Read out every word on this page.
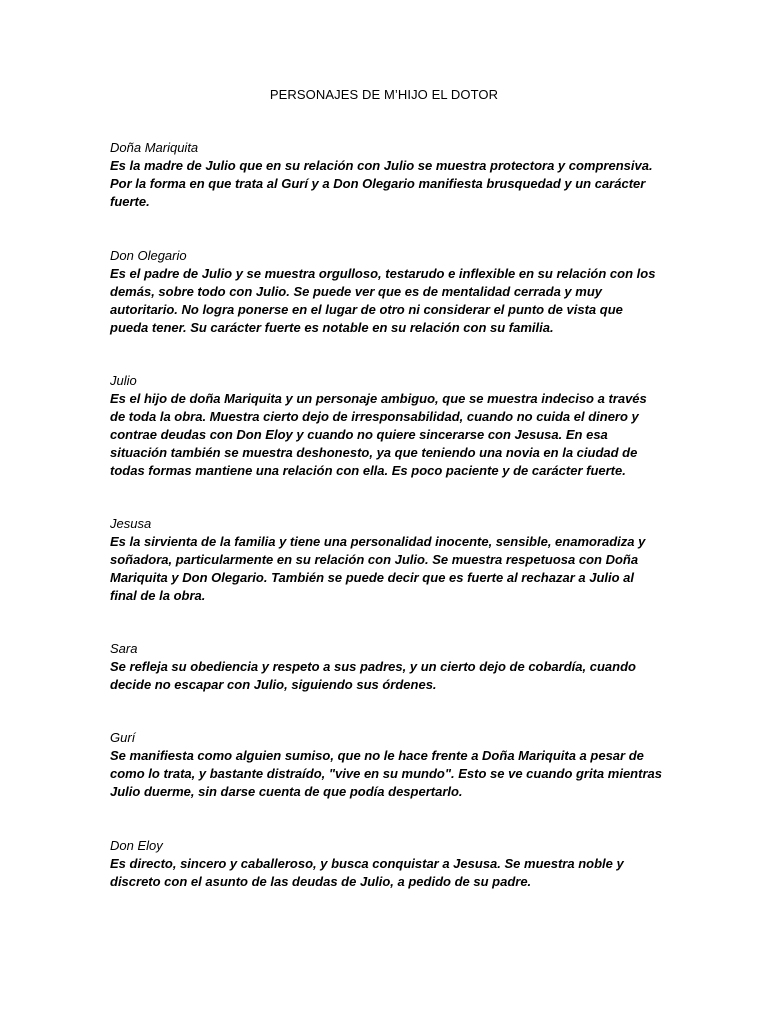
PERSONAJES DE M’HIJO EL DOTOR
Doña Mariquita
Es la madre de Julio que en su relación con Julio se muestra protectora y comprensiva. Por la forma en que trata al Gurí y a Don Olegario manifiesta brusquedad y un carácter fuerte.
Don Olegario
Es el padre de Julio y se muestra orgulloso, testarudo e inflexible en su relación con los demás, sobre todo con Julio. Se puede ver que es de mentalidad cerrada y muy autoritario. No logra ponerse en el lugar de otro ni considerar el punto de vista que pueda tener. Su carácter fuerte es notable en su relación con su familia.
Julio
Es el hijo de doña Mariquita y un personaje ambiguo, que se muestra indeciso a través de toda la obra. Muestra cierto dejo de irresponsabilidad, cuando no cuida el dinero y contrae deudas con Don Eloy y cuando no quiere sincerarse con Jesusa. En esa situación también se muestra deshonesto, ya que teniendo una novia en la ciudad de todas formas mantiene una relación con ella. Es poco paciente y de carácter fuerte.
Jesusa
Es la sirvienta de la familia y tiene una personalidad inocente, sensible, enamoradiza y soñadora, particularmente en su relación con Julio. Se muestra respetuosa con Doña Mariquita y Don Olegario. También se puede decir que es fuerte al rechazar a Julio al final de la obra.
Sara
Se refleja su obediencia y respeto a sus padres, y un cierto dejo de cobardía, cuando decide no escapar con Julio, siguiendo sus órdenes.
Gurí
Se manifiesta como alguien sumiso, que no le hace frente a Doña Mariquita a pesar de como lo trata, y bastante distraído, "vive en su mundo". Esto se ve cuando grita mientras Julio duerme, sin darse cuenta de que podía despertarlo.
Don Eloy
Es directo, sincero y caballeroso, y busca conquistar a Jesusa. Se muestra noble y discreto con el asunto de las deudas de Julio, a pedido de su padre.
